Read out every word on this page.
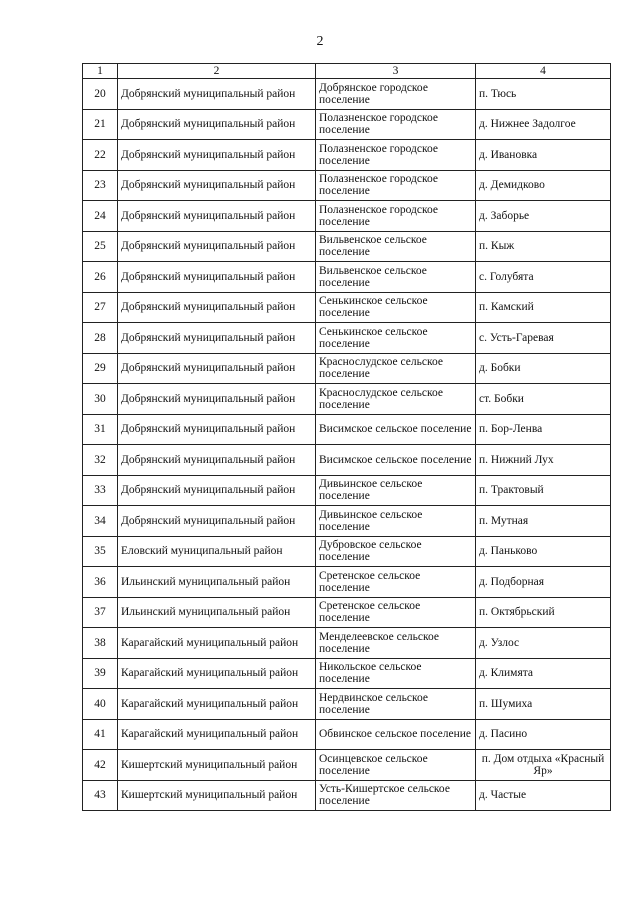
2
1	2	3	4
20	Добрянский муниципальный район	Добрянское городское поселение	п. Тюсь
21	Добрянский муниципальный район	Полазненское городское поселение	д. Нижнее Задолгое
22	Добрянский муниципальный район	Полазненское городское поселение	д. Ивановка
23	Добрянский муниципальный район	Полазненское городское поселение	д. Демидково
24	Добрянский муниципальный район	Полазненское городское поселение	д. Заборье
25	Добрянский муниципальный район	Вильвенское сельское поселение	п. Кыж
26	Добрянский муниципальный район	Вильвенское сельское поселение	с. Голубята
27	Добрянский муниципальный район	Сенькинское сельское поселение	п. Камский
28	Добрянский муниципальный район	Сенькинское сельское поселение	с. Усть-Гаревая
29	Добрянский муниципальный район	Краснослудское сельское поселение	д. Бобки
30	Добрянский муниципальный район	Краснослудское сельское поселение	ст. Бобки
31	Добрянский муниципальный район	Висимское сельское поселение	п. Бор-Ленва
32	Добрянский муниципальный район	Висимское сельское поселение	п. Нижний Лух
33	Добрянский муниципальный район	Дивьинское сельское поселение	п. Трактовый
34	Добрянский муниципальный район	Дивьинское сельское поселение	п. Мутная
35	Еловский муниципальный район	Дубровское сельское поселение	д. Паньково
36	Ильинский муниципальный район	Сретенское сельское поселение	д. Подборная
37	Ильинский муниципальный район	Сретенское сельское поселение	п. Октябрьский
38	Карагайский муниципальный район	Менделеевское сельское поселение	д. Узлос
39	Карагайский муниципальный район	Никольское сельское поселение	д. Климята
40	Карагайский муниципальный район	Нердвинское сельское поселение	п. Шумиха
41	Карагайский муниципальный район	Обвинское сельское поселение	д. Пасино
42	Кишертский муниципальный район	Осинцевское сельское поселение	п. Дом отдыха «Красный Яр»
43	Кишертский муниципальный район	Усть-Кишертское сельское поселение	д. Частые
